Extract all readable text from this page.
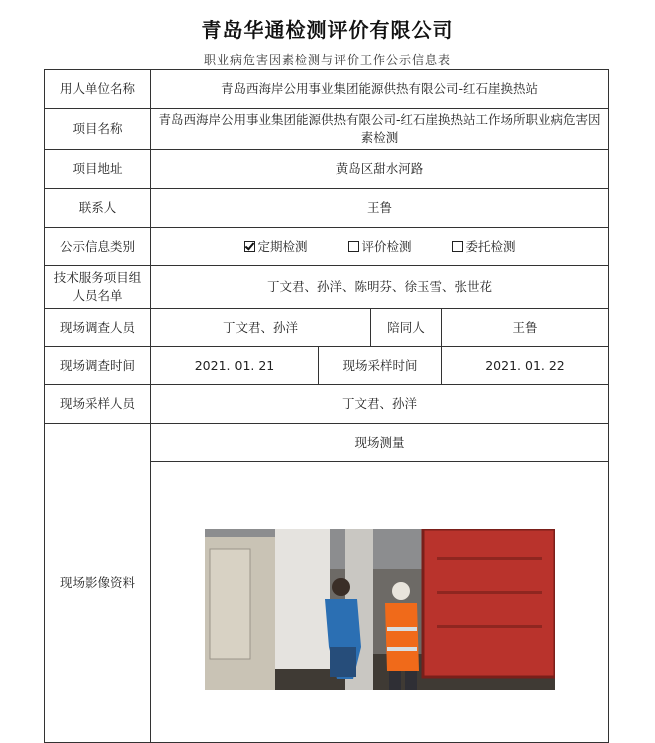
青岛华通检测评价有限公司
职业病危害因素检测与评价工作公示信息表
用人单位名称	青岛西海岸公用事业集团能源供热有限公司-红石崖换热站			
项目名称	青岛西海岸公用事业集团能源供热有限公司-红石崖换热站工作场所职业病危害因素检测			
项目地址	黄岛区甜水河路			
联系人	王鲁			
公示信息类别	定期检测 评价检测 委托检测			
技术服务项目组人员名单	丁文君、孙洋、陈明芬、徐玉雪、张世花			
现场调查人员	丁文君、孙洋		陪同人	王鲁
现场调查时间	2021. 01. 21	现场采样时间		2021. 01. 22
现场采样人员	丁文君、孙洋			
现场影像资料	现场测量			
